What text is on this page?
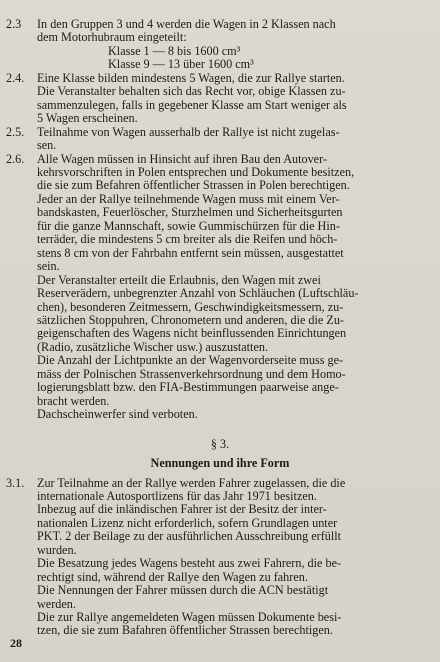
2.3 In den Gruppen 3 und 4 werden die Wagen in 2 Klassen nach
dem Motorhubraum eingeteilt:
Klasse 1 — 8 bis 1600 cm³
Klasse 9 — 13 über 1600 cm³
2.4. Eine Klasse bilden mindestens 5 Wagen, die zur Rallye starten.
Die Veranstalter behalten sich das Recht vor, obige Klassen zu-
sammenzulegen, falls in gegebener Klasse am Start weniger als
5 Wagen erscheinen.
2.5. Teilnahme von Wagen ausserhalb der Rallye ist nicht zugelas-
sen.
2.6. Alle Wagen müssen in Hinsicht auf ihren Bau den Autover-
kehrsvorschriften in Polen entsprechen und Dokumente besitzen,
die sie zum Befahren öffentlicher Strassen in Polen berechtigen.
Jeder an der Rallye teilnehmende Wagen muss mit einem Ver-
bandskasten, Feuerlöscher, Sturzhelmen und Sicherheitsgurten
für die ganze Mannschaft, sowie Gummischürzen für die Hin-
terräder, die mindestens 5 cm breiter als die Reifen und höch-
stens 8 cm von der Fahrbahn entfernt sein müssen, ausgestattet
sein.
Der Veranstalter erteilt die Erlaubnis, den Wagen mit zwei
Reserverädern, unbegrenzter Anzahl von Schläuchen (Luftschläu-
chen), besonderen Zeitmessern, Geschwindigkeitsmessern, zu-
sätzlichen Stoppuhren, Chronometern und anderen, die die Zu-
geigenschaften des Wagens nicht beinflussenden Einrichtungen
(Radio, zusätzliche Wischer usw.) auszustatten.
Die Anzahl der Lichtpunkte an der Wagenvorderseite muss ge-
mäss der Polnischen Strassenverkehrsordnung und dem Homo-
logierungsblatt bzw. den FIA-Bestimmungen paarweise ange-
bracht werden.
Dachscheinwerfer sind verboten.
§ 3.
Nennungen und ihre Form
3.1. Zur Teilnahme an der Rallye werden Fahrer zugelassen, die die
internationale Autosportlizens für das Jahr 1971 besitzen.
Inbezug auf die inländischen Fahrer ist der Besitz der inter-
nationalen Lizenz nicht erforderlich, sofern Grundlagen unter
PKT. 2 der Beilage zu der ausführlichen Ausschreibung erfüllt
wurden.
Die Besatzung jedes Wagens besteht aus zwei Fahrern, die be-
rechtigt sind, während der Rallye den Wagen zu fahren.
Die Nennungen der Fahrer müssen durch die ACN bestätigt
werden.
Die zur Rallye angemeldeten Wagen müssen Dokumente besi-
tzen, die sie zum Bafahren öffentlicher Strassen berechtigen.
28
